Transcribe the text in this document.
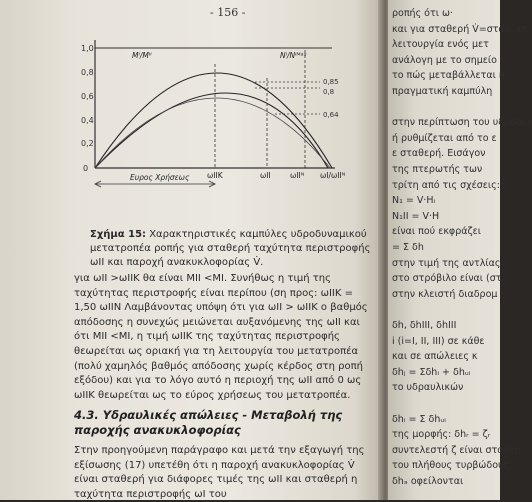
- 156 -
1,0
0,8
0,6
0,4
0,2
0
Mᴵ/Mᴵᴵ	Nᴵ/Nᴵᴹᵃˣ
0,85
0,8
0,64
Ευρος Χρήσεως ωIIK	ωII	ωIIᴺ ωI/ωIIᴺ
Σχήμα 15: Χαρακτηριστικές καμπύλες υδροδυναμικού μετατροπέα ροπής για σταθερή ταχύτητα περιστροφής ωII και παροχή ανακυκλοφορίας V̇.
για ωII >ωIIK θα είναι MII <MI. Συνήθως η τιμή της ταχύτητας περιστροφής είναι περίπου (ση προς: ωIIK = 1,50 ωIIN Λαμβάνοντας υπόψη ότι για ωII > ωIIK ο βαθμός απόδοσης η συνεχώς μειώνεται αυξανόμενης της ωII και ότι MII <MI, η τιμή ωIIK της ταχύτητας περιστροφής θεωρείται ως οριακή για τη λειτουργία του μετατροπέα (πολύ χαμηλός βαθμός απόδοσης χωρίς κέρδος στη ροπή εξόδου) και για το λόγο αυτό η περιοχή της ωII από 0 ως ωIIK θεωρείται ως το εύρος χρήσεως του μετατροπέα.
4.3. Υδραυλικές απώλειες - Μεταβολή της παροχής ανακυκλοφορίας
Στην προηγούμενη παράγραφο και μετά την εξαγωγή της εξίσωσης (17) υπετέθη ότι η παροχή ανακυκλοφορίας V̇ είναι σταθερή για διάφορες τιμές της ωII και σταθερή η ταχύτητα περιστροφής ωI του
ροπής ότι ω·
και για σταθερή V̇=σταθ. επ
λειτουργία ενός μετ
ανάλογη με το σημείο
το πώς μεταβάλλεται η
πραγματική καμπύλη
στην περίπτωση του υδροδυν
ή ρυθμίζεται από το ε
ε σταθερή. Εισάγον
της πτερωτής των
τρίτη από τις σχέσεις:
N₁ = V·Hᵢ
N₁II = V·H
είναι πού εκφράζει
= Σ δh
στην τιμή της αντλίας
στο στρόβιλο είναι (στ
στην κλειστή διαδρομ
δh, δhIII, δhIII
i (i=I, II, III) σε κάθε
και σε απώλειες κ
δhⱼ = Σδhᵢ + δhᵤᵢ
το υδραυλικών
δhᵢ = Σ δhᵤᵢ
της μορφής: δhᵣ = ζᵣ
συντελεστή ζ είναι σταθερ
του πλήθους τυρβώδους
δhₔ οφείλονται
